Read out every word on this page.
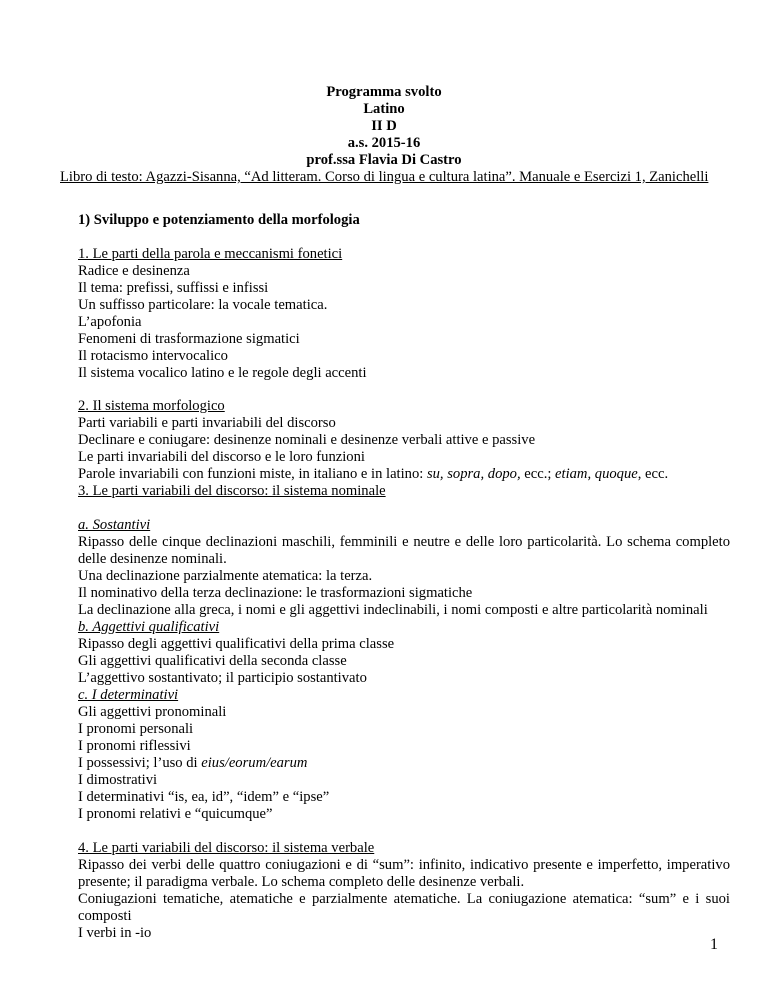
Programma svolto
Latino
II D
a.s. 2015-16
prof.ssa Flavia Di Castro
Libro di testo: Agazzi-Sisanna, “Ad litteram. Corso di lingua e cultura latina”. Manuale e Esercizi 1, Zanichelli
1) Sviluppo e potenziamento della morfologia
1. Le parti della parola e meccanismi fonetici
Radice e desinenza
Il tema: prefissi, suffissi e infissi
Un suffisso particolare: la vocale tematica.
L’apofonia
Fenomeni di trasformazione sigmatici
Il rotacismo intervocalico
Il sistema vocalico latino e le regole degli accenti
2. Il sistema morfologico
Parti variabili e parti invariabili del discorso
Declinare e coniugare: desinenze nominali e desinenze verbali attive e passive
Le parti invariabili del discorso e le loro funzioni
Parole invariabili con funzioni miste, in italiano e in latino: su, sopra, dopo, ecc.; etiam, quoque, ecc.
3. Le parti variabili del discorso: il sistema nominale
a. Sostantivi
Ripasso delle cinque declinazioni maschili, femminili e neutre e delle loro particolarità. Lo schema completo delle desinenze nominali.
Una declinazione parzialmente atematica: la terza.
Il nominativo della terza declinazione: le trasformazioni sigmatiche
La declinazione alla greca, i nomi e gli aggettivi indeclinabili, i nomi composti e altre particolarità nominali
b. Aggettivi qualificativi
Ripasso degli aggettivi qualificativi della prima classe
Gli aggettivi qualificativi della seconda classe
L’aggettivo sostantivato; il participio sostantivato
c. I determinativi
Gli aggettivi pronominali
I pronomi personali
I pronomi riflessivi
I possessivi; l’uso di eius/eorum/earum
I dimostrativi
I determinativi “is, ea, id”, “idem” e “ipse”
I pronomi relativi e “quicumque”
4. Le parti variabili del discorso: il sistema verbale
Ripasso dei verbi delle quattro coniugazioni e di “sum”: infinito, indicativo presente e imperfetto, imperativo presente; il paradigma verbale. Lo schema completo delle desinenze verbali.
Coniugazioni tematiche, atematiche e parzialmente atematiche. La coniugazione atematica: “sum” e i suoi composti
I verbi in -io
1
